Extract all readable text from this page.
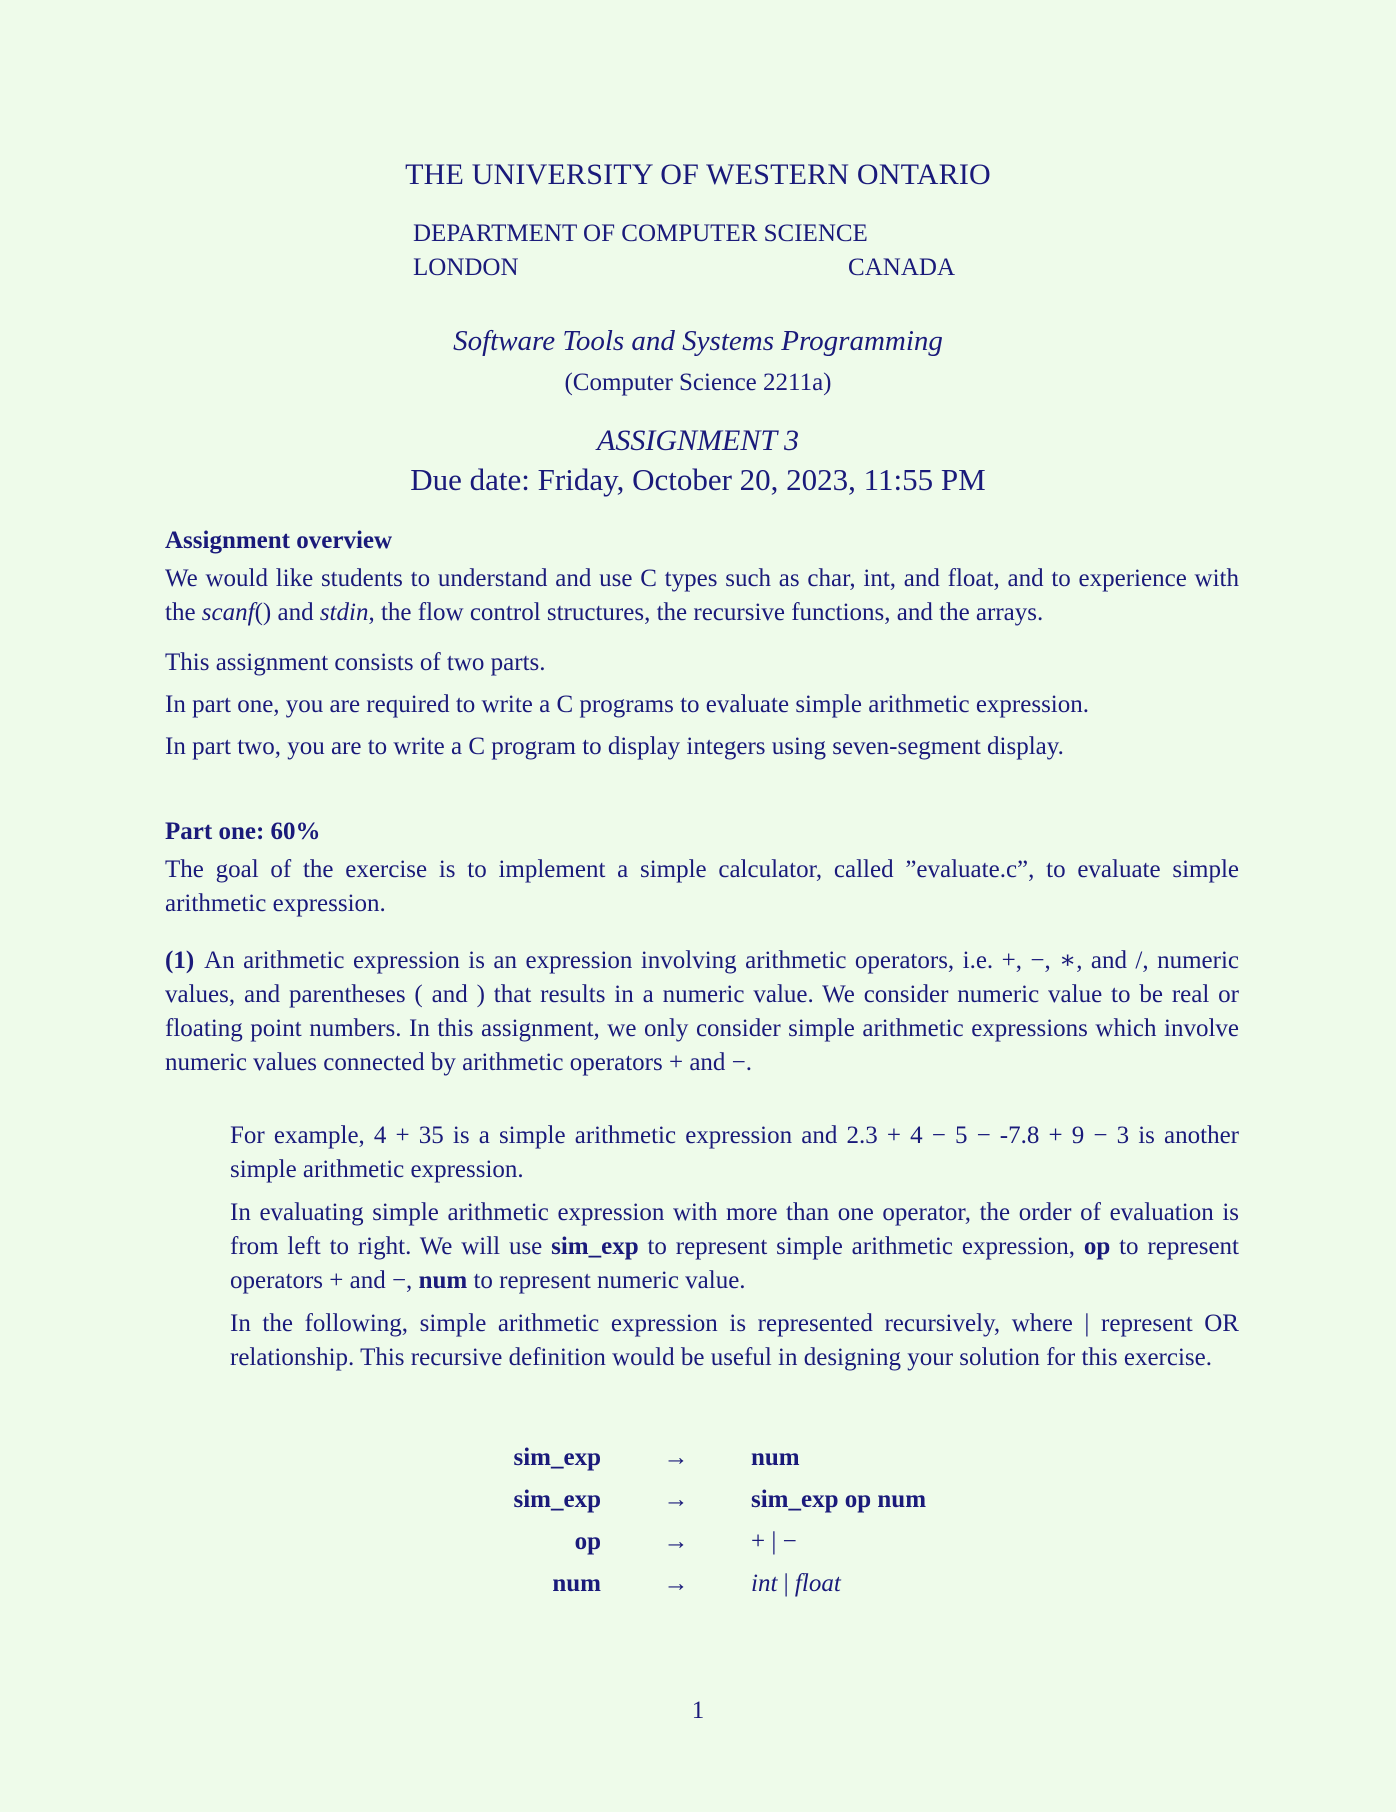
THE UNIVERSITY OF WESTERN ONTARIO
DEPARTMENT OF COMPUTER SCIENCE
LONDON	CANADA
Software Tools and Systems Programming
(Computer Science 2211a)
ASSIGNMENT 3
Due date: Friday, October 20, 2023, 11:55 PM

Assignment overview

We would like students to understand and use C types such as char, int, and float, and to experience with the scanf() and stdin, the flow control structures, the recursive functions, and the arrays.

This assignment consists of two parts.

In part one, you are required to write a C programs to evaluate simple arithmetic expression.

In part two, you are to write a C program to display integers using seven-segment display.

Part one: 60%

The goal of the exercise is to implement a simple calculator, called ”evaluate.c”, to evaluate simple arithmetic expression.

(1) An arithmetic expression is an expression involving arithmetic operators, i.e. +, −, ∗, and /, numeric values, and parentheses ( and ) that results in a numeric value. We consider numeric value to be real or floating point numbers. In this assignment, we only consider simple arithmetic expressions which involve numeric values connected by arithmetic operators + and −.

For example, 4 + 35 is a simple arithmetic expression and 2.3 + 4 − 5 − -7.8 + 9 − 3 is another simple arithmetic expression.
In evaluating simple arithmetic expression with more than one operator, the order of evaluation is from left to right. We will use sim_exp to represent simple arithmetic expression, op to represent operators + and −, num to represent numeric value.
In the following, simple arithmetic expression is represented recursively, where | represent OR relationship. This recursive definition would be useful in designing your solution for this exercise.
sim_exp	→	num
sim_exp	→	sim_exp op num
op	→	+ | −
num	→	int | float
1
